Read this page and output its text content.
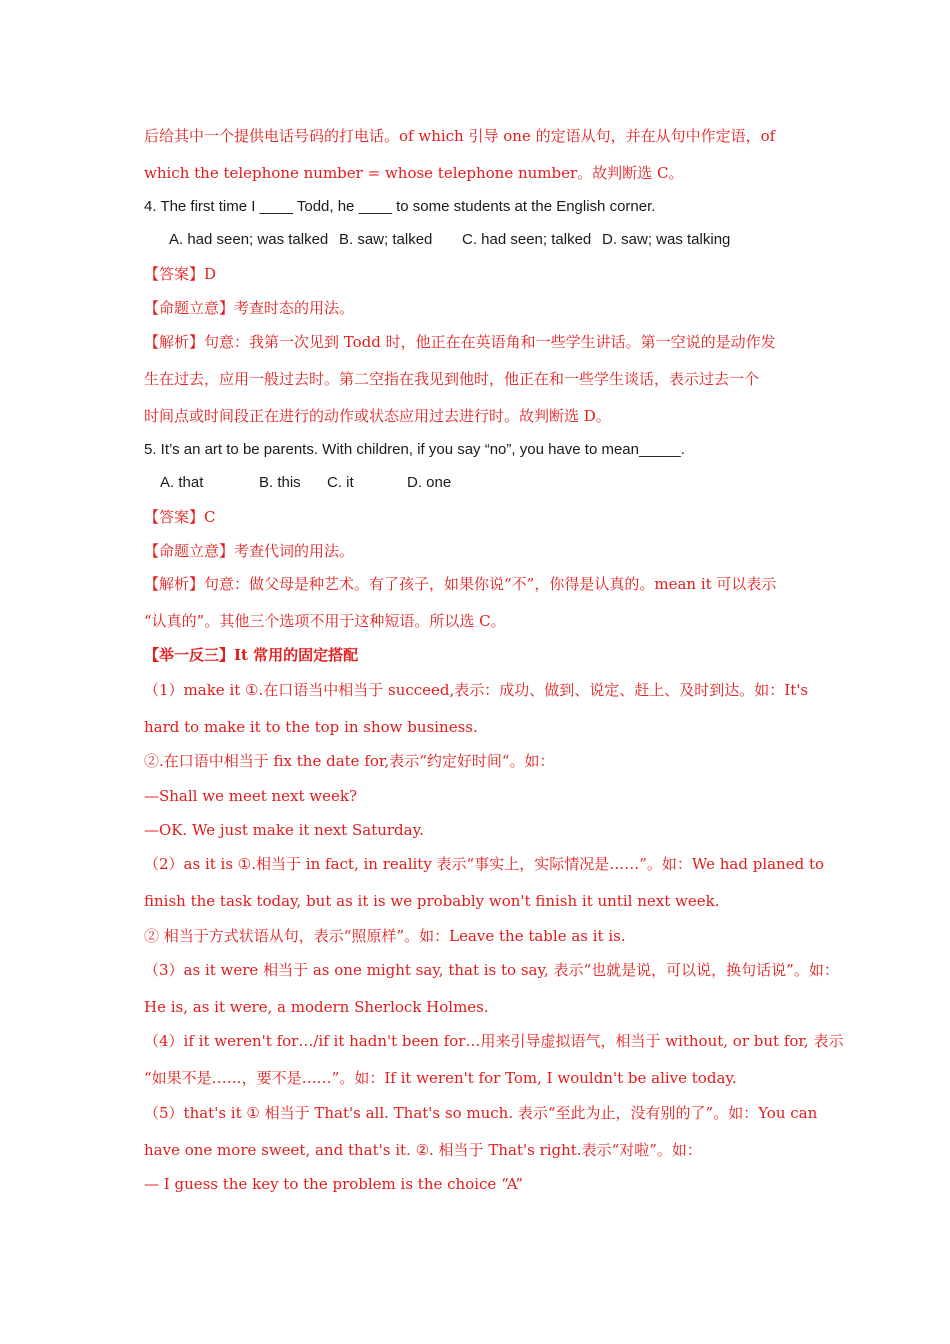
后给其中一个提供电话号码的打电话。of which 引导 one 的定语从句，并在从句中作定语，of
which the telephone number = whose telephone number。故判断选 C。
4. The first time I ____ Todd, he ____ to some students at the English corner.
A. had seen; was talked B. saw; talked C. had seen; talked D. saw; was talking
【答案】D
【命题立意】考查时态的用法。
【解析】句意：我第一次见到 Todd 时，他正在在英语角和一些学生讲话。第一空说的是动作发
生在过去，应用一般过去时。第二空指在我见到他时，他正在和一些学生谈话，表示过去一个
时间点或时间段正在进行的动作或状态应用过去进行时。故判断选 D。
5. It’s an art to be parents. With children, if you say “no”, you have to mean_____.
A. that	B. this C. it	D. one
【答案】C
【命题立意】考查代词的用法。
【解析】句意：做父母是种艺术。有了孩子，如果你说“不”，你得是认真的。mean it 可以表示
“认真的”。其他三个选项不用于这种短语。所以选 C。
【举一反三】It 常用的固定搭配
（1）make it ①.在口语当中相当于 succeed,表示：成功、做到、说定、赶上、及时到达。如：It's
hard to make it to the top in show business.
②.在口语中相当于 fix the date for,表示“约定好时间“。如：
—Shall we meet next week?
—OK. We just make it next Saturday.
（2）as it is ①.相当于 in fact, in reality 表示“事实上，实际情况是……”。如：We had planed to
finish the task today, but as it is we probably won't finish it until next week.
② 相当于方式状语从句，表示“照原样”。如：Leave the table as it is.
（3）as it were 相当于 as one might say, that is to say, 表示“也就是说，可以说，换句话说”。如：
He is, as it were, a modern Sherlock Holmes.
（4）if it weren't for…/if it hadn't been for…用来引导虚拟语气，相当于 without, or but for, 表示
“如果不是……，要不是……”。如：If it weren't for Tom, I wouldn't be alive today.
（5）that's it ① 相当于 That's all. That's so much. 表示“至此为止，没有别的了”。如：You can
have one more sweet, and that's it. ②. 相当于 That's right.表示“对啦”。如：
— I guess the key to the problem is the choice “A”
